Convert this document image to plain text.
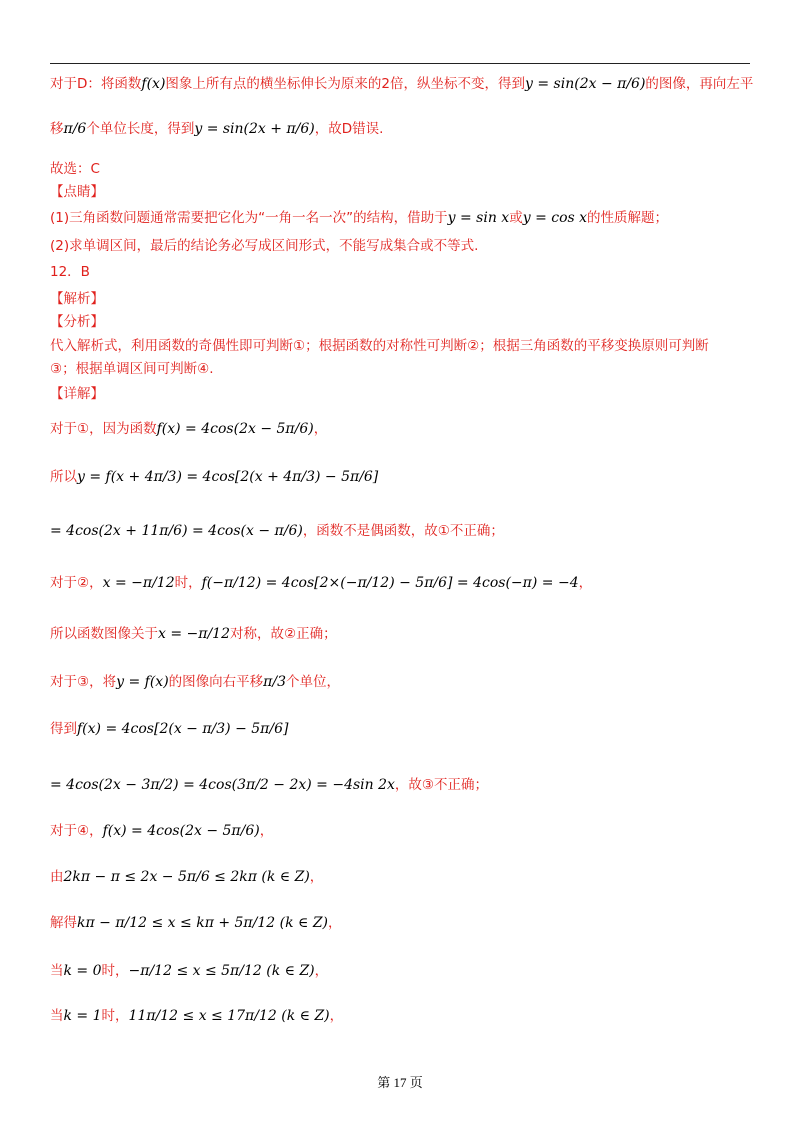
对于D：将函数f(x)图象上所有点的横坐标伸长为原来的2倍，纵坐标不变，得到y = sin(2x − π/6)的图像，再向左平
移π/6个单位长度，得到y = sin(2x + π/6)，故D错误.
故选：C
【点睛】
(1)三角函数问题通常需要把它化为“一角一名一次”的结构，借助于y = sin x或y = cos x的性质解题；
(2)求单调区间，最后的结论务必写成区间形式，不能写成集合或不等式.
12．B
【解析】
【分析】
代入解析式，利用函数的奇偶性即可判断①；根据函数的对称性可判断②；根据三角函数的平移变换原则可判断
③；根据单调区间可判断④.
【详解】
对于①，因为函数f(x) = 4cos(2x − 5π/6)，
所以y = f(x + 4π/3) = 4cos[2(x + 4π/3) − 5π/6]
= 4cos(2x + 11π/6) = 4cos(x − π/6)，函数不是偶函数，故①不正确；
对于②，x = −π/12时，f(−π/12) = 4cos[2×(−π/12) − 5π/6] = 4cos(−π) = −4，
所以函数图像关于x = −π/12对称，故②正确；
对于③，将y = f(x)的图像向右平移π/3个单位，
得到f(x) = 4cos[2(x − π/3) − 5π/6]
= 4cos(2x − 3π/2) = 4cos(3π/2 − 2x) = −4sin 2x，故③不正确；
对于④，f(x) = 4cos(2x − 5π/6)，
由2kπ − π ≤ 2x − 5π/6 ≤ 2kπ (k ∈ Z)，
解得kπ − π/12 ≤ x ≤ kπ + 5π/12 (k ∈ Z)，
当k = 0时，−π/12 ≤ x ≤ 5π/12 (k ∈ Z)，
当k = 1时，11π/12 ≤ x ≤ 17π/12 (k ∈ Z)，
第 17 页
